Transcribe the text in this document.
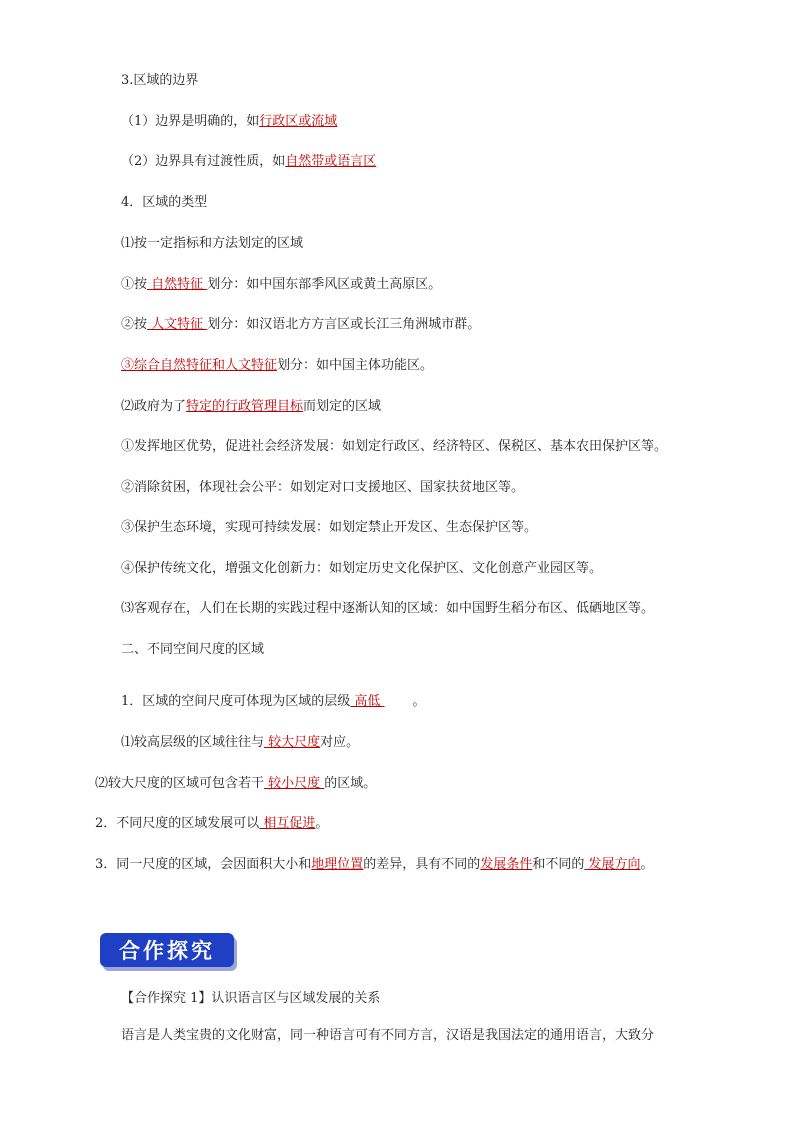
3.区域的边界
（1）边界是明确的，如行政区或流域
（2）边界具有过渡性质，如自然带或语言区
4．区域的类型
⑴按一定指标和方法划定的区域
①按 自然特征 划分：如中国东部季风区或黄土高原区。
②按 人文特征 划分：如汉语北方方言区或长江三角洲城市群。
③综合自然特征和人文特征划分：如中国主体功能区。
⑵政府为了特定的行政管理目标而划定的区域
①发挥地区优势，促进社会经济发展：如划定行政区、经济特区、保税区、基本农田保护区等。
②消除贫困，体现社会公平：如划定对口支援地区、国家扶贫地区等。
③保护生态环境，实现可持续发展：如划定禁止开发区、生态保护区等。
④保护传统文化，增强文化创新力：如划定历史文化保护区、文化创意产业园区等。
⑶客观存在，人们在长期的实践过程中逐渐认知的区域：如中国野生稻分布区、低硒地区等。
二、不同空间尺度的区域
1．区域的空间尺度可体现为区域的层级 高低 。
⑴较高层级的区域往往与 较大尺度对应。
⑵较大尺度的区域可包含若干 较小尺度 的区域。
2．不同尺度的区域发展可以 相互促进。
3．同一尺度的区域，会因面积大小和地理位置的差异，具有不同的发展条件和不同的 发展方向。
合作探究
【合作探究 1】认识语言区与区域发展的关系
语言是人类宝贵的文化财富，同一种语言可有不同方言，汉语是我国法定的通用语言，大致分
